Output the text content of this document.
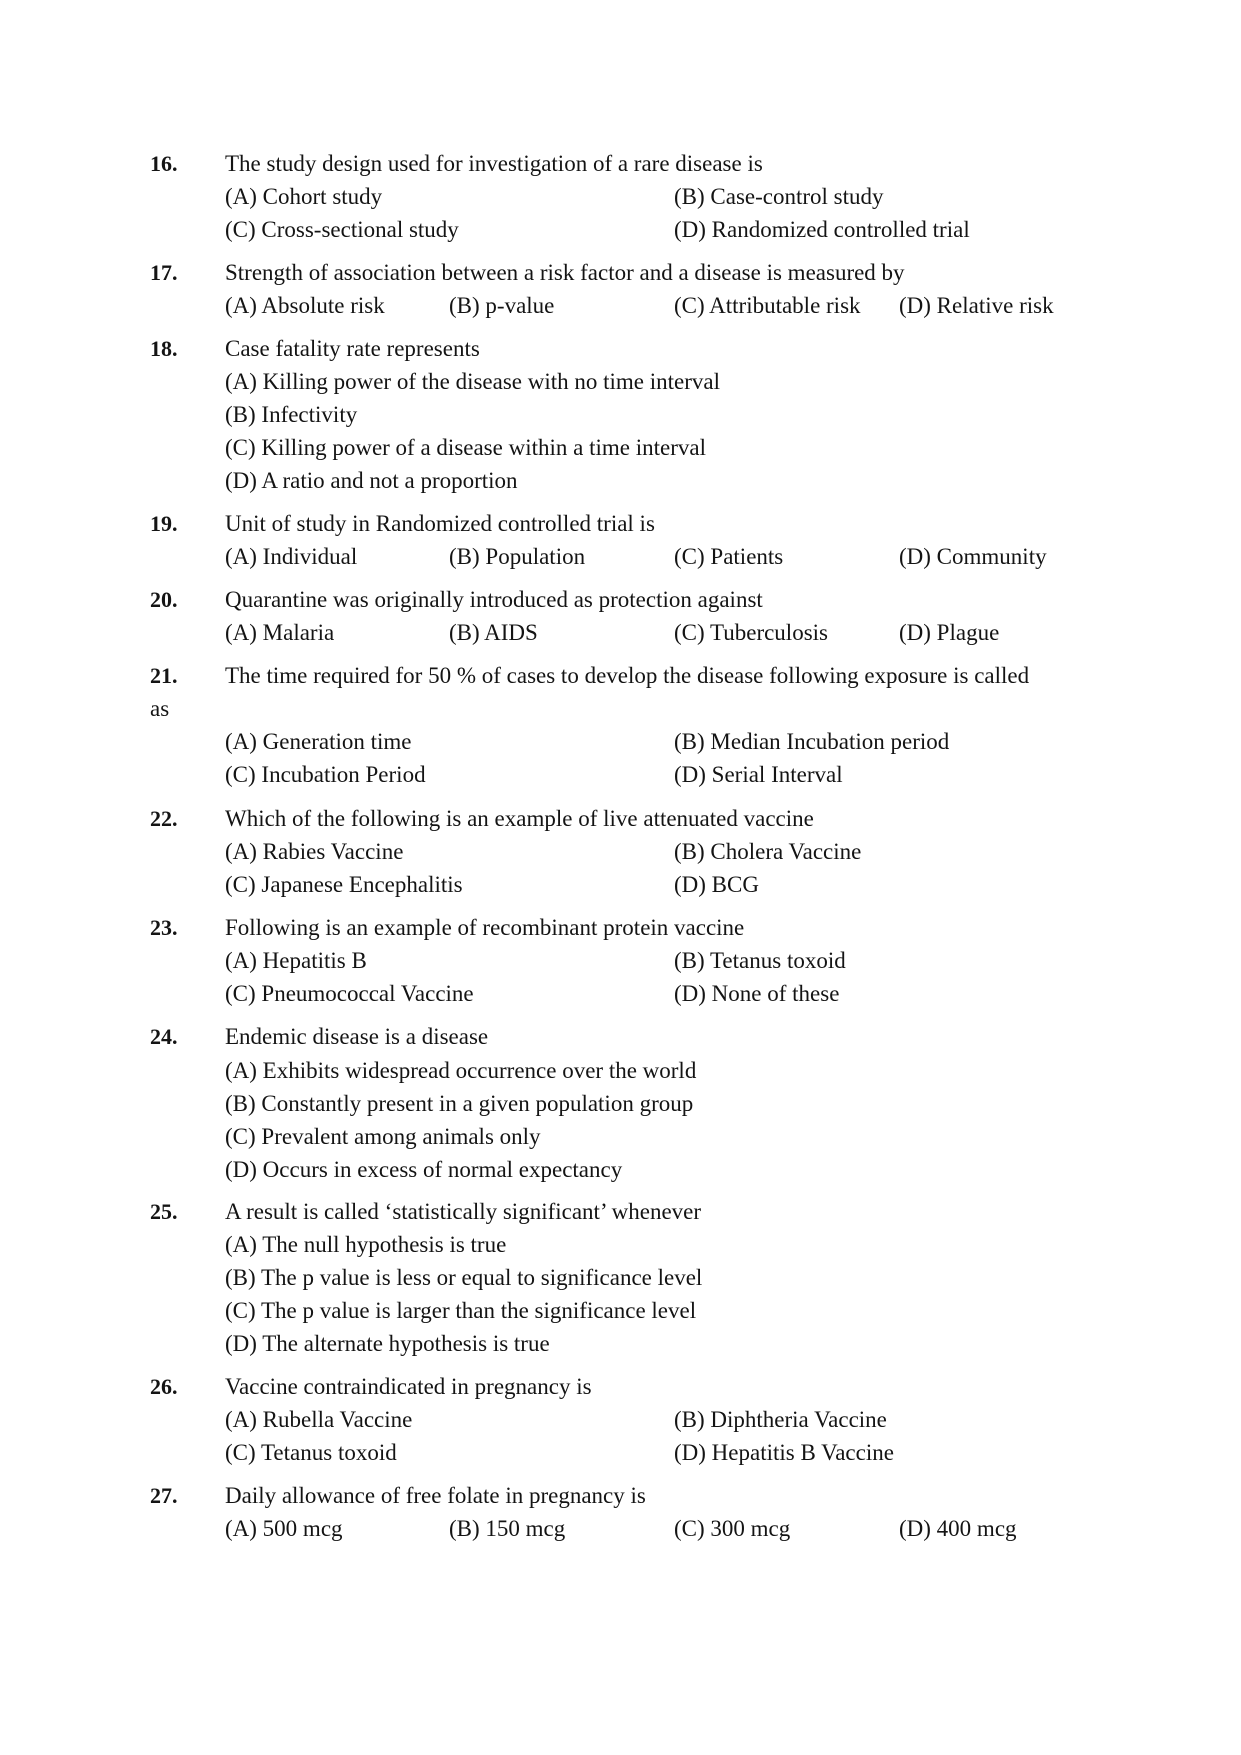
16. The study design used for investigation of a rare disease is
(A) Cohort study	(B) Case-control study
(C) Cross-sectional study	(D) Randomized controlled trial
17. Strength of association between a risk factor and a disease is measured by
(A) Absolute risk	(B) p-value	(C) Attributable risk (D) Relative risk
18. Case fatality rate represents
(A) Killing power of the disease with no time interval
(B) Infectivity
(C) Killing power of a disease within a time interval
(D) A ratio and not a proportion
19. Unit of study in Randomized controlled trial is
(A) Individual	(B) Population	(C) Patients	(D) Community
20. Quarantine was originally introduced as protection against
(A) Malaria	(B) AIDS	(C) Tuberculosis	(D) Plague
21. The time required for 50 % of cases to develop the disease following exposure is called
as
(A) Generation time	(B) Median Incubation period
(C) Incubation Period	(D) Serial Interval
22. Which of the following is an example of live attenuated vaccine
(A) Rabies Vaccine	(B) Cholera Vaccine
(C) Japanese Encephalitis	(D) BCG
23. Following is an example of recombinant protein vaccine
(A) Hepatitis B	(B) Tetanus toxoid
(C) Pneumococcal Vaccine	(D) None of these
24. Endemic disease is a disease
(A) Exhibits widespread occurrence over the world
(B) Constantly present in a given population group
(C) Prevalent among animals only
(D) Occurs in excess of normal expectancy
25. A result is called ‘statistically significant’ whenever
(A) The null hypothesis is true
(B) The p value is less or equal to significance level
(C) The p value is larger than the significance level
(D) The alternate hypothesis is true
26. Vaccine contraindicated in pregnancy is
(A) Rubella Vaccine	(B) Diphtheria Vaccine
(C) Tetanus toxoid	(D) Hepatitis B Vaccine
27. Daily allowance of free folate in pregnancy is
(A) 500 mcg	(B) 150 mcg	(C) 300 mcg	(D) 400 mcg
